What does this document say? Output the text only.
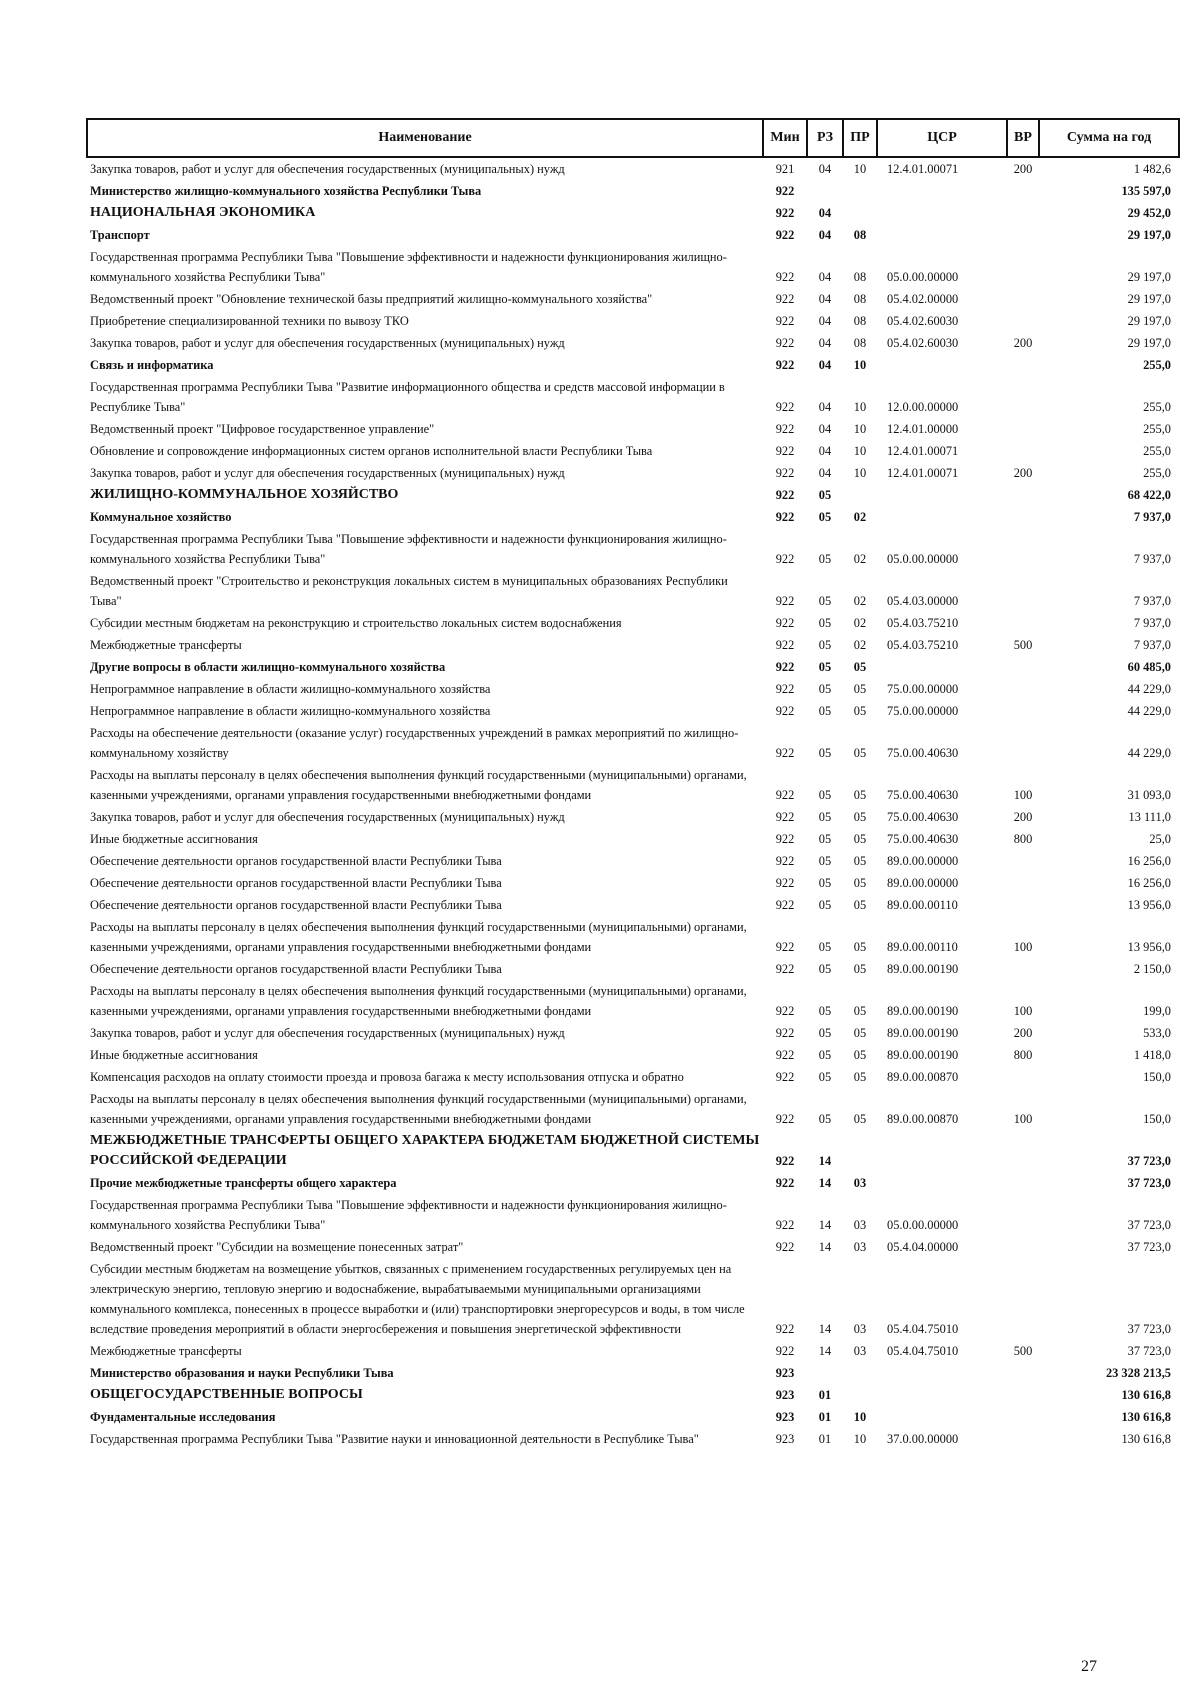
Наименование	Мин	РЗ	ПР	ЦСР	ВР	Сумма на год
Закупка товаров, работ и услуг для обеспечения государственных (муниципальных) нужд	921	04	10	12.4.01.00071	200	1 482,6
Министерство жилищно-коммунального хозяйства Республики Тыва	922					135 597,0
НАЦИОНАЛЬНАЯ ЭКОНОМИКА	922	04				29 452,0
Транспорт	922	04	08			29 197,0
Государственная программа Республики Тыва "Повышение эффективности и надежности функционирования жилищно-коммунального хозяйства Республики Тыва"	922	04	08	05.0.00.00000		29 197,0
Ведомственный проект "Обновление технической базы предприятий жилищно-коммунального хозяйства"	922	04	08	05.4.02.00000		29 197,0
Приобретение специализированной техники по вывозу ТКО	922	04	08	05.4.02.60030		29 197,0
Закупка товаров, работ и услуг для обеспечения государственных (муниципальных) нужд	922	04	08	05.4.02.60030	200	29 197,0
Связь и информатика	922	04	10			255,0
Государственная программа Республики Тыва "Развитие информационного общества и средств массовой информации в Республике Тыва"	922	04	10	12.0.00.00000		255,0
Ведомственный проект "Цифровое государственное управление"	922	04	10	12.4.01.00000		255,0
Обновление и сопровождение информационных систем органов исполнительной власти Республики Тыва	922	04	10	12.4.01.00071		255,0
Закупка товаров, работ и услуг для обеспечения государственных (муниципальных) нужд	922	04	10	12.4.01.00071	200	255,0
ЖИЛИЩНО-КОММУНАЛЬНОЕ ХОЗЯЙСТВО	922	05				68 422,0
Коммунальное хозяйство	922	05	02			7 937,0
Государственная программа Республики Тыва "Повышение эффективности и надежности функционирования жилищно-коммунального хозяйства Республики Тыва"	922	05	02	05.0.00.00000		7 937,0
Ведомственный проект "Строительство и реконструкция локальных систем в муниципальных образованиях Республики Тыва"	922	05	02	05.4.03.00000		7 937,0
Субсидии местным бюджетам на реконструкцию и строительство локальных систем водоснабжения	922	05	02	05.4.03.75210		7 937,0
Межбюджетные трансферты	922	05	02	05.4.03.75210	500	7 937,0
Другие вопросы в области жилищно-коммунального хозяйства	922	05	05			60 485,0
Непрограммное направление в области жилищно-коммунального хозяйства	922	05	05	75.0.00.00000		44 229,0
Непрограммное направление в области жилищно-коммунального хозяйства	922	05	05	75.0.00.00000		44 229,0
Расходы на обеспечение деятельности (оказание услуг) государственных учреждений в рамках мероприятий по жилищно-коммунальному хозяйству	922	05	05	75.0.00.40630		44 229,0
Расходы на выплаты персоналу в целях обеспечения выполнения функций государственными (муниципальными) органами, казенными учреждениями, органами управления государственными внебюджетными фондами	922	05	05	75.0.00.40630	100	31 093,0
Закупка товаров, работ и услуг для обеспечения государственных (муниципальных) нужд	922	05	05	75.0.00.40630	200	13 111,0
Иные бюджетные ассигнования	922	05	05	75.0.00.40630	800	25,0
Обеспечение деятельности органов государственной власти Республики Тыва	922	05	05	89.0.00.00000		16 256,0
Обеспечение деятельности органов государственной власти Республики Тыва	922	05	05	89.0.00.00000		16 256,0
Обеспечение деятельности органов государственной власти Республики Тыва	922	05	05	89.0.00.00110		13 956,0
Расходы на выплаты персоналу в целях обеспечения выполнения функций государственными (муниципальными) органами, казенными учреждениями, органами управления государственными внебюджетными фондами	922	05	05	89.0.00.00110	100	13 956,0
Обеспечение деятельности органов государственной власти Республики Тыва	922	05	05	89.0.00.00190		2 150,0
Расходы на выплаты персоналу в целях обеспечения выполнения функций государственными (муниципальными) органами, казенными учреждениями, органами управления государственными внебюджетными фондами	922	05	05	89.0.00.00190	100	199,0
Закупка товаров, работ и услуг для обеспечения государственных (муниципальных) нужд	922	05	05	89.0.00.00190	200	533,0
Иные бюджетные ассигнования	922	05	05	89.0.00.00190	800	1 418,0
Компенсация расходов на оплату стоимости проезда и провоза багажа к месту использования отпуска и обратно	922	05	05	89.0.00.00870		150,0
Расходы на выплаты персоналу в целях обеспечения выполнения функций государственными (муниципальными) органами, казенными учреждениями, органами управления государственными внебюджетными фондами	922	05	05	89.0.00.00870	100	150,0
МЕЖБЮДЖЕТНЫЕ ТРАНСФЕРТЫ ОБЩЕГО ХАРАКТЕРА БЮДЖЕТАМ БЮДЖЕТНОЙ СИСТЕМЫ РОССИЙСКОЙ ФЕДЕРАЦИИ	922	14				37 723,0
Прочие межбюджетные трансферты общего характера	922	14	03			37 723,0
Государственная программа Республики Тыва "Повышение эффективности и надежности функционирования жилищно-коммунального хозяйства Республики Тыва"	922	14	03	05.0.00.00000		37 723,0
Ведомственный проект "Субсидии на возмещение понесенных затрат"	922	14	03	05.4.04.00000		37 723,0
Субсидии местным бюджетам на возмещение убытков, связанных с применением государственных регулируемых цен на электрическую энергию, тепловую энергию и водоснабжение, вырабатываемыми муниципальными организациями коммунального комплекса, понесенных в процессе выработки и (или) транспортировки энергоресурсов и воды, в том числе вследствие проведения мероприятий в области энергосбережения и повышения энергетической эффективности	922	14	03	05.4.04.75010		37 723,0
Межбюджетные трансферты	922	14	03	05.4.04.75010	500	37 723,0
Министерство образования и науки Республики Тыва	923					23 328 213,5
ОБЩЕГОСУДАРСТВЕННЫЕ ВОПРОСЫ	923	01				130 616,8
Фундаментальные исследования	923	01	10			130 616,8
Государственная программа Республики Тыва "Развитие науки и инновационной деятельности в Республике Тыва"	923	01	10	37.0.00.00000		130 616,8
27
